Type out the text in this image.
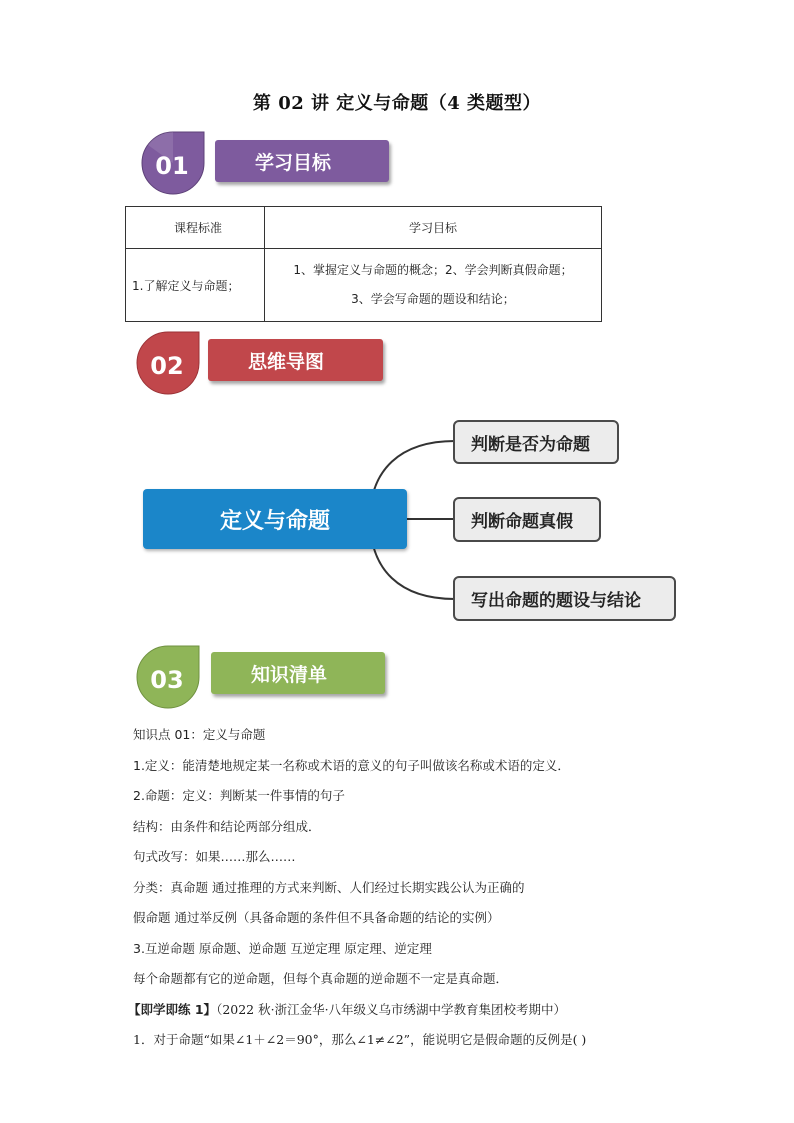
第 02 讲 定义与命题（4 类题型）
01	学习目标
课程标准	学习目标
1.了解定义与命题；	1、掌握定义与命题的概念；2、学会判断真假命题；
3、学会写命题的题设和结论；
02	思维导图
定义与命题
判断是否为命题
判断命题真假
写出命题的题设与结论
03	知识清单
知识点 01：定义与命题
1.定义：能清楚地规定某一名称或术语的意义的句子叫做该名称或术语的定义．
2.命题：定义：判断某一件事情的句子
结构：由条件和结论两部分组成．
句式改写：如果……那么……
分类：真命题 通过推理的方式来判断、人们经过长期实践公认为正确的
假命题 通过举反例（具备命题的条件但不具备命题的结论的实例）
3.互逆命题 原命题、逆命题 互逆定理 原定理、逆定理
每个命题都有它的逆命题，但每个真命题的逆命题不一定是真命题．
【即学即练 1】（2022 秋·浙江金华·八年级义乌市绣湖中学教育集团校考期中）
1．对于命题“如果∠1＋∠2＝90°，那么∠1≠∠2”，能说明它是假命题的反例是( )
